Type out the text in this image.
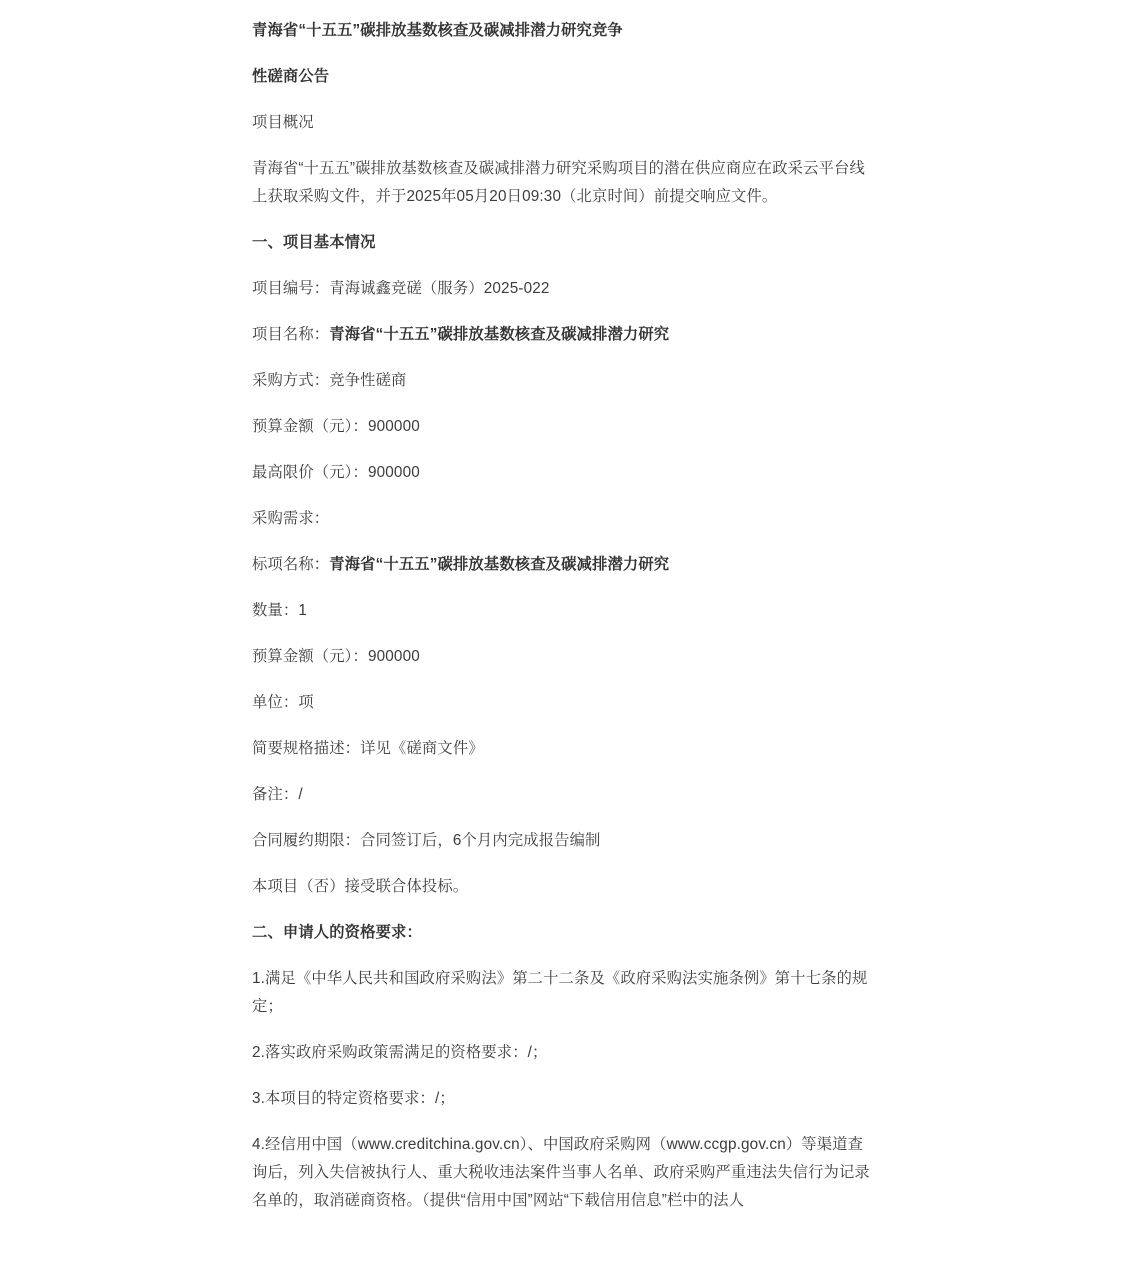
青海省“十五五”碳排放基数核查及碳减排潜力研究竞争

性磋商公告

项目概况

青海省“十五五”碳排放基数核查及碳减排潜力研究采购项目的潜在供应商应在政采云平台线上获取采购文件，并于2025年05月20日09:30（北京时间）前提交响应文件。

一、项目基本情况

项目编号：青海诚鑫竞磋（服务）2025-022

项目名称：青海省“十五五”碳排放基数核查及碳减排潜力研究

采购方式：竞争性磋商

预算金额（元）：900000

最高限价（元）：900000

采购需求：

标项名称：青海省“十五五”碳排放基数核查及碳减排潜力研究

数量：1

预算金额（元）：900000

单位：项

简要规格描述：详见《磋商文件》

备注：/

合同履约期限：合同签订后，6个月内完成报告编制

本项目（否）接受联合体投标。

二、申请人的资格要求：

1.满足《中华人民共和国政府采购法》第二十二条及《政府采购法实施条例》第十七条的规定；

2.落实政府采购政策需满足的资格要求：/；

3.本项目的特定资格要求：/；

4.经信用中国（www.creditchina.gov.cn）、中国政府采购网（www.ccgp.gov.cn）等渠道查询后，列入失信被执行人、重大税收违法案件当事人名单、政府采购严重违法失信行为记录名单的，取消磋商资格。（提供“信用中国”网站“下载信用信息”栏中的法人
